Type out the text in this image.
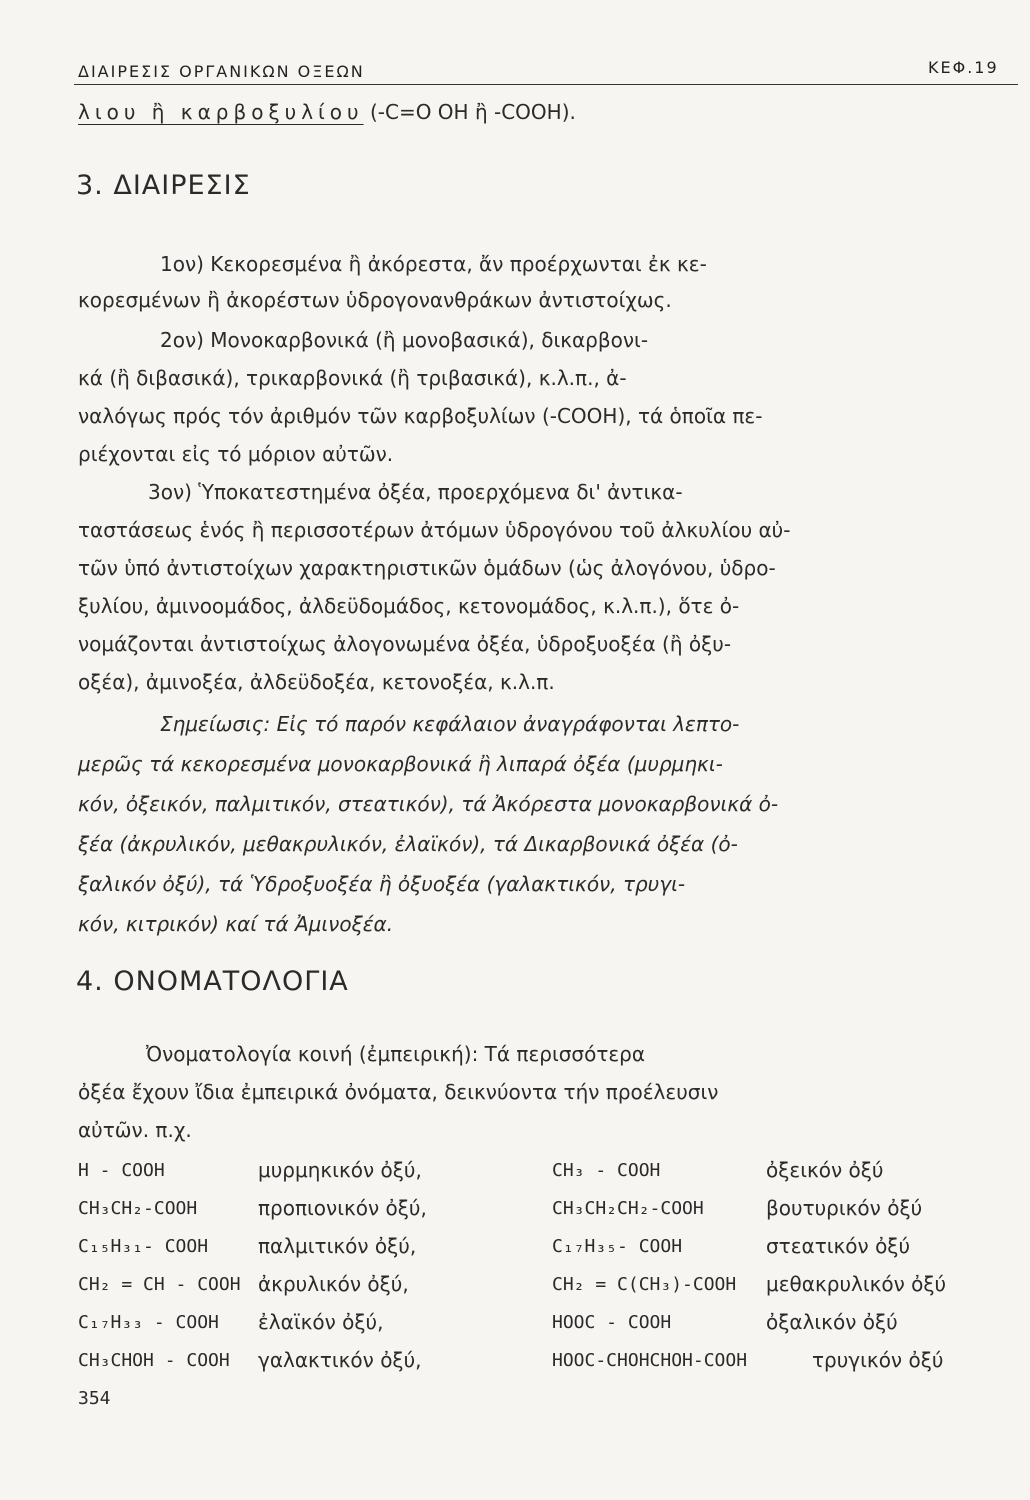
ΔΙΑΙΡΕΣΙΣ ΟΡΓΑΝΙΚΩΝ ΟΞΕΩΝ	ΚΕΦ.19
λιου ἢ καρβοξυλίου (-C=O OH ἢ -COOH).
3. ΔΙΑΙΡΕΣΙΣ
1ον) Κεκορεσμένα ἢ ἀκόρεστα, ἄν προέρχωνται ἐκ κε-
κορεσμένων ἢ ἀκορέστων ὑδρογονανθράκων ἀντιστοίχως.
2ον) Μονοκαρβονικά (ἢ μονοβασικά), δικαρβονι-
κά (ἢ διβασικά), τρικαρβονικά (ἢ τριβασικά), κ.λ.π., ἀ-
ναλόγως πρός τόν ἀριθμόν τῶν καρβοξυλίων (-COOH), τά ὁποῖα πε-
ριέχονται εἰς τό μόριον αὐτῶν.
3ον) Ὑποκατεστημένα ὀξέα, προερχόμενα δι' ἀντικα-
ταστάσεως ἑνός ἢ περισσοτέρων ἀτόμων ὑδρογόνου τοῦ ἀλκυλίου αὐ-
τῶν ὑπό ἀντιστοίχων χαρακτηριστικῶν ὁμάδων (ὡς ἀλογόνου, ὑδρο-
ξυλίου, ἀμινοομάδος, ἀλδεϋδομάδος, κετονομάδος, κ.λ.π.), ὅτε ὀ-
νομάζονται ἀντιστοίχως ἀλογονωμένα ὀξέα, ὑδροξυοξέα (ἢ ὀξυ-
οξέα), ἀμινοξέα, ἀλδεϋδοξέα, κετονοξέα, κ.λ.π.
Σημείωσις: Εἰς τό παρόν κεφάλαιον ἀναγράφονται λεπτο-
μερῶς τά κεκορεσμένα μονοκαρβονικά ἢ λιπαρά ὀξέα (μυρμηκι-
κόν, ὀξεικόν, παλμιτικόν, στεατικόν), τά Ἀκόρεστα μονοκαρβονικά ὀ-
ξέα (ἀκρυλικόν, μεθακρυλικόν, ἐλαϊκόν), τά Δικαρβονικά ὀξέα (ὀ-
ξαλικόν ὀξύ), τά Ὑδροξυοξέα ἢ ὀξυοξέα (γαλακτικόν, τρυγι-
κόν, κιτρικόν) καί τά Ἀμινοξέα.
4. ΟΝΟΜΑΤΟΛΟΓΙΑ
Ὀνοματολογία κοινή (ἐμπειρική): Τά περισσότερα
ὀξέα ἔχουν ἴδια ἐμπειρικά ὀνόματα, δεικνύοντα τήν προέλευσιν
αὐτῶν. π.χ.
H - COOH	μυρμηκικόν ὀξύ,	CH₃ - COOH	ὀξεικόν ὀξύ
CH₃CH₂-COOH	προπιονικόν ὀξύ,	CH₃CH₂CH₂-COOH	βουτυρικόν ὀξύ
C₁₅H₃₁- COOH παλμιτικόν ὀξύ,	C₁₇H₃₅- COOH	στεατικόν ὀξύ
CH₂ = CH - COOH ἀκρυλικόν ὀξύ,	CH₂ = C(CH₃)-COOH μεθακρυλικόν ὀξύ
C₁₇H₃₃ - COOH ἐλαϊκόν ὀξύ,	HOOC - COOH	ὀξαλικόν ὀξύ
CH₃CHOH - COOH γαλακτικόν ὀξύ,	HOOC-CHOHCHOH-COOH	τρυγικόν ὀξύ
354
